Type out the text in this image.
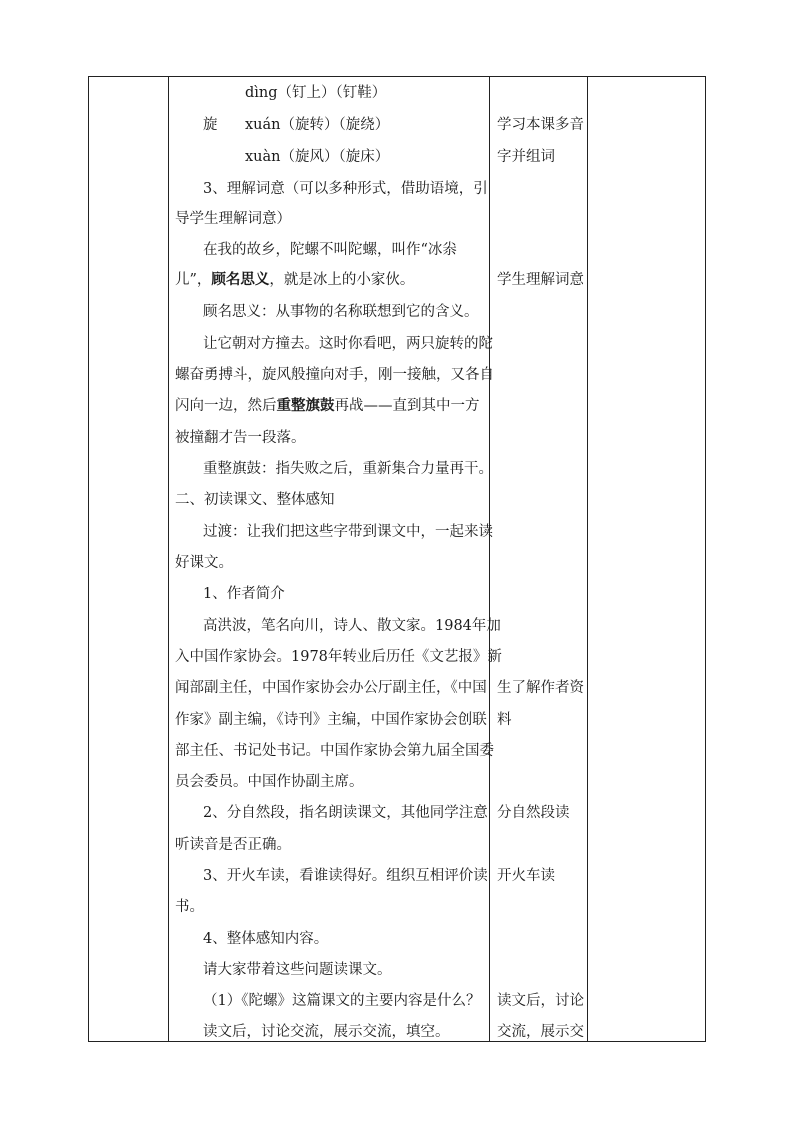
dìng（钉上）（钉鞋）
旋 xuán（旋转）（旋绕）
xuàn（旋风）（旋床）
3、理解词意（可以多种形式，借助语境，引
导学生理解词意）
在我的故乡，陀螺不叫陀螺，叫作“冰尜
儿”，顾名思义，就是冰上的小家伙。
顾名思义：从事物的名称联想到它的含义。
让它朝对方撞去。这时你看吧，两只旋转的陀
螺奋勇搏斗，旋风般撞向对手，刚一接触，又各自
闪向一边，然后重整旗鼓再战——直到其中一方
被撞翻才告一段落。
重整旗鼓：指失败之后，重新集合力量再干。
二、初读课文、整体感知
过渡：让我们把这些字带到课文中，一起来读
好课文。
1、作者简介
高洪波，笔名向川，诗人、散文家。1984年加
入中国作家协会。1978年转业后历任《文艺报》新
闻部副主任，中国作家协会办公厅副主任，《中国
作家》副主编，《诗刊》主编，中国作家协会创联
部主任、书记处书记。中国作家协会第九届全国委
员会委员。中国作协副主席。
2、分自然段，指名朗读课文，其他同学注意
听读音是否正确。
3、开火车读，看谁读得好。组织互相评价读
书。
4、整体感知内容。
请大家带着这些问题读课文。
（1）《陀螺》这篇课文的主要内容是什么？
读文后，讨论交流，展示交流，填空。
学习本课多音
字并组词
学生理解词意
生了解作者资
料
分自然段读
开火车读
读文后，讨论
交流，展示交
